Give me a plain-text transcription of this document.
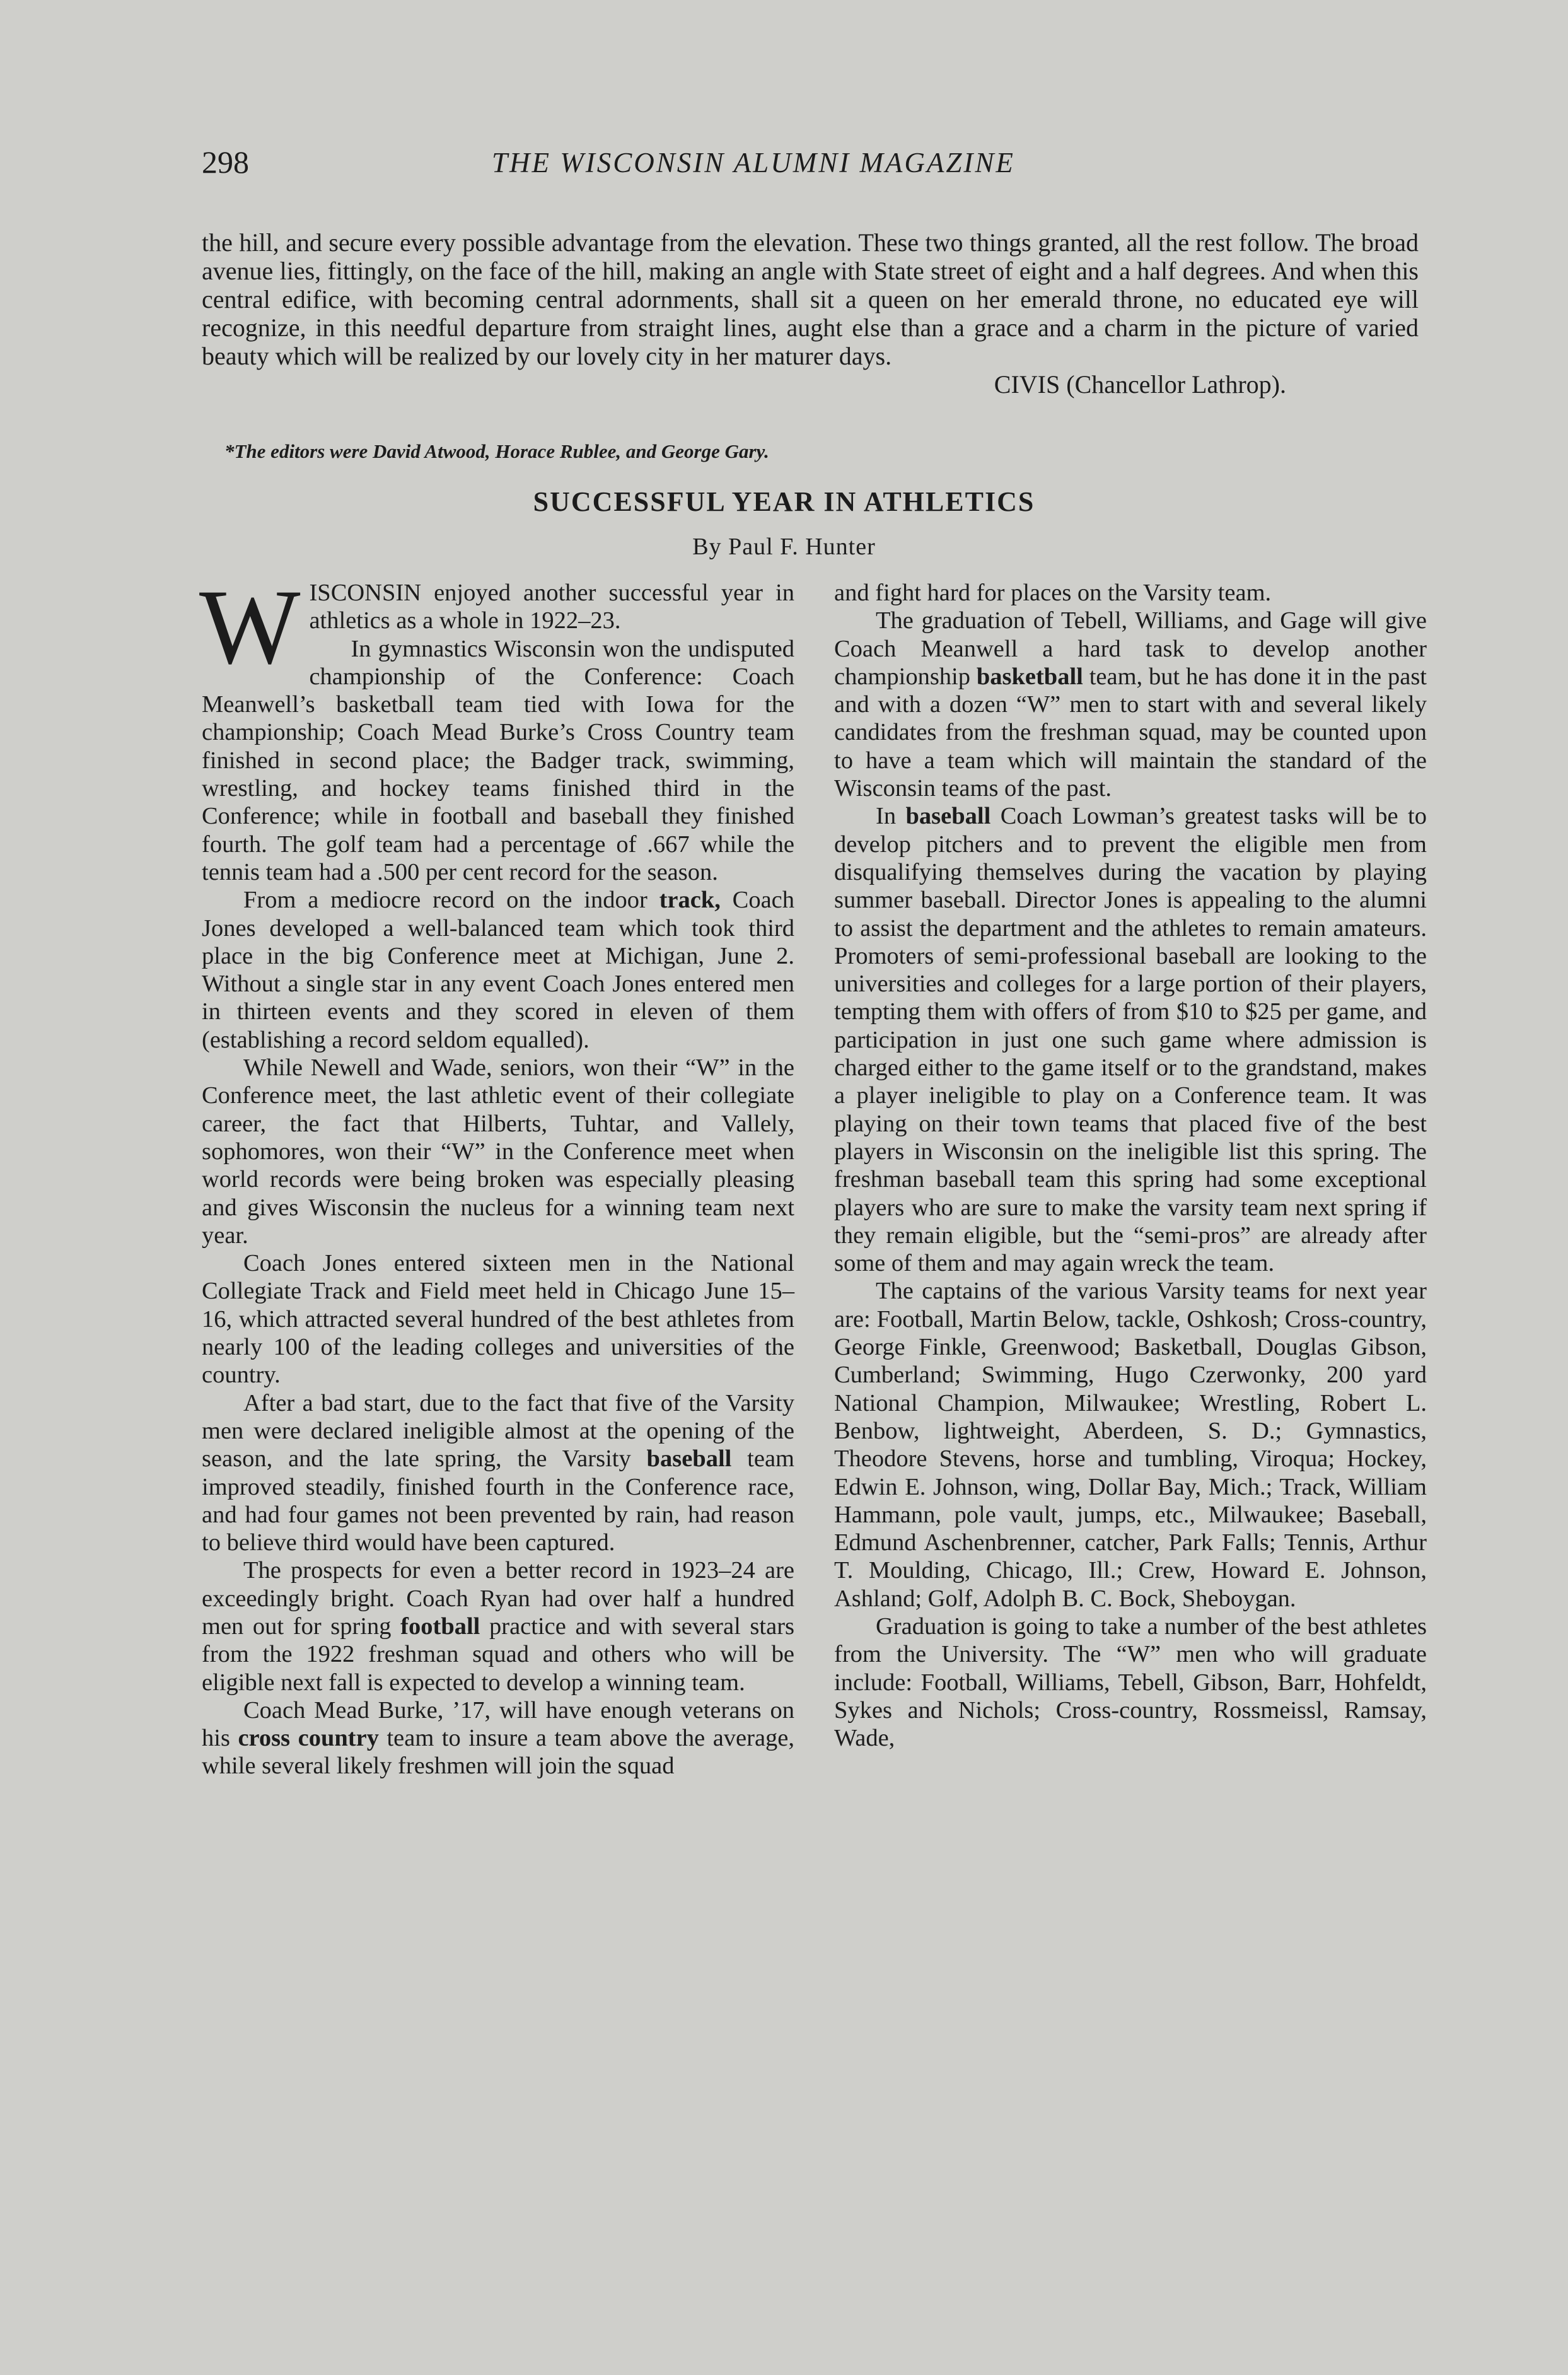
298	THE WISCONSIN ALUMNI MAGAZINE

the hill, and secure every possible advantage from the elevation. These two things granted, all the rest follow. The broad avenue lies, fittingly, on the face of the hill, making an angle with State street of eight and a half degrees. And when this central edifice, with becoming central adornments, shall sit a queen on her emerald throne, no educated eye will recognize, in this needful departure from straight lines, aught else than a grace and a charm in the picture of varied beauty which will be realized by our lovely city in her maturer days.

CIVIS (Chancellor Lathrop).

*The editors were David Atwood, Horace Rublee, and George Gary.
SUCCESSFUL YEAR IN ATHLETICS
By Paul F. Hunter

WISCONSIN enjoyed another successful year in athletics as a whole in 1922–23.

In gymnastics Wisconsin won the undisputed championship of the Conference: Coach Meanwell’s basketball team tied with Iowa for the championship; Coach Mead Burke’s Cross Country team finished in second place; the Badger track, swimming, wrestling, and hockey teams finished third in the Conference; while in football and baseball they finished fourth. The golf team had a percentage of .667 while the tennis team had a .500 per cent record for the season.

From a mediocre record on the indoor track, Coach Jones developed a well-balanced team which took third place in the big Conference meet at Michigan, June 2. Without a single star in any event Coach Jones entered men in thirteen events and they scored in eleven of them (establishing a record seldom equalled).

While Newell and Wade, seniors, won their “W” in the Conference meet, the last athletic event of their collegiate career, the fact that Hilberts, Tuhtar, and Vallely, sophomores, won their “W” in the Conference meet when world records were being broken was especially pleasing and gives Wisconsin the nucleus for a winning team next year.

Coach Jones entered sixteen men in the National Collegiate Track and Field meet held in Chicago June 15–16, which attracted several hundred of the best athletes from nearly 100 of the leading colleges and universities of the country.

After a bad start, due to the fact that five of the Varsity men were declared ineligible almost at the opening of the season, and the late spring, the Varsity baseball team improved steadily, finished fourth in the Conference race, and had four games not been prevented by rain, had reason to believe third would have been captured.

The prospects for even a better record in 1923–24 are exceedingly bright. Coach Ryan had over half a hundred men out for spring football practice and with several stars from the 1922 freshman squad and others who will be eligible next fall is expected to develop a winning team.

Coach Mead Burke, ’17, will have enough veterans on his cross country team to insure a team above the average, while several likely freshmen will join the squad

and fight hard for places on the Varsity team.

The graduation of Tebell, Williams, and Gage will give Coach Meanwell a hard task to develop another championship basketball team, but he has done it in the past and with a dozen “W” men to start with and several likely candidates from the freshman squad, may be counted upon to have a team which will maintain the standard of the Wisconsin teams of the past.

In baseball Coach Lowman’s greatest tasks will be to develop pitchers and to prevent the eligible men from disqualifying themselves during the vacation by playing summer baseball. Director Jones is appealing to the alumni to assist the department and the athletes to remain amateurs. Promoters of semi-professional baseball are looking to the universities and colleges for a large portion of their players, tempting them with offers of from $10 to $25 per game, and participation in just one such game where admission is charged either to the game itself or to the grandstand, makes a player ineligible to play on a Conference team. It was playing on their town teams that placed five of the best players in Wisconsin on the ineligible list this spring. The freshman baseball team this spring had some exceptional players who are sure to make the varsity team next spring if they remain eligible, but the “semi-pros” are already after some of them and may again wreck the team.

The captains of the various Varsity teams for next year are: Football, Martin Below, tackle, Oshkosh; Cross-country, George Finkle, Greenwood; Basketball, Douglas Gibson, Cumberland; Swimming, Hugo Czerwonky, 200 yard National Champion, Milwaukee; Wrestling, Robert L. Benbow, lightweight, Aberdeen, S. D.; Gymnastics, Theodore Stevens, horse and tumbling, Viroqua; Hockey, Edwin E. Johnson, wing, Dollar Bay, Mich.; Track, William Hammann, pole vault, jumps, etc., Milwaukee; Baseball, Edmund Aschenbrenner, catcher, Park Falls; Tennis, Arthur T. Moulding, Chicago, Ill.; Crew, Howard E. Johnson, Ashland; Golf, Adolph B. C. Bock, Sheboygan.

Graduation is going to take a number of the best athletes from the University. The “W” men who will graduate include: Football, Williams, Tebell, Gibson, Barr, Hohfeldt, Sykes and Nichols; Cross-country, Rossmeissl, Ramsay, Wade,
